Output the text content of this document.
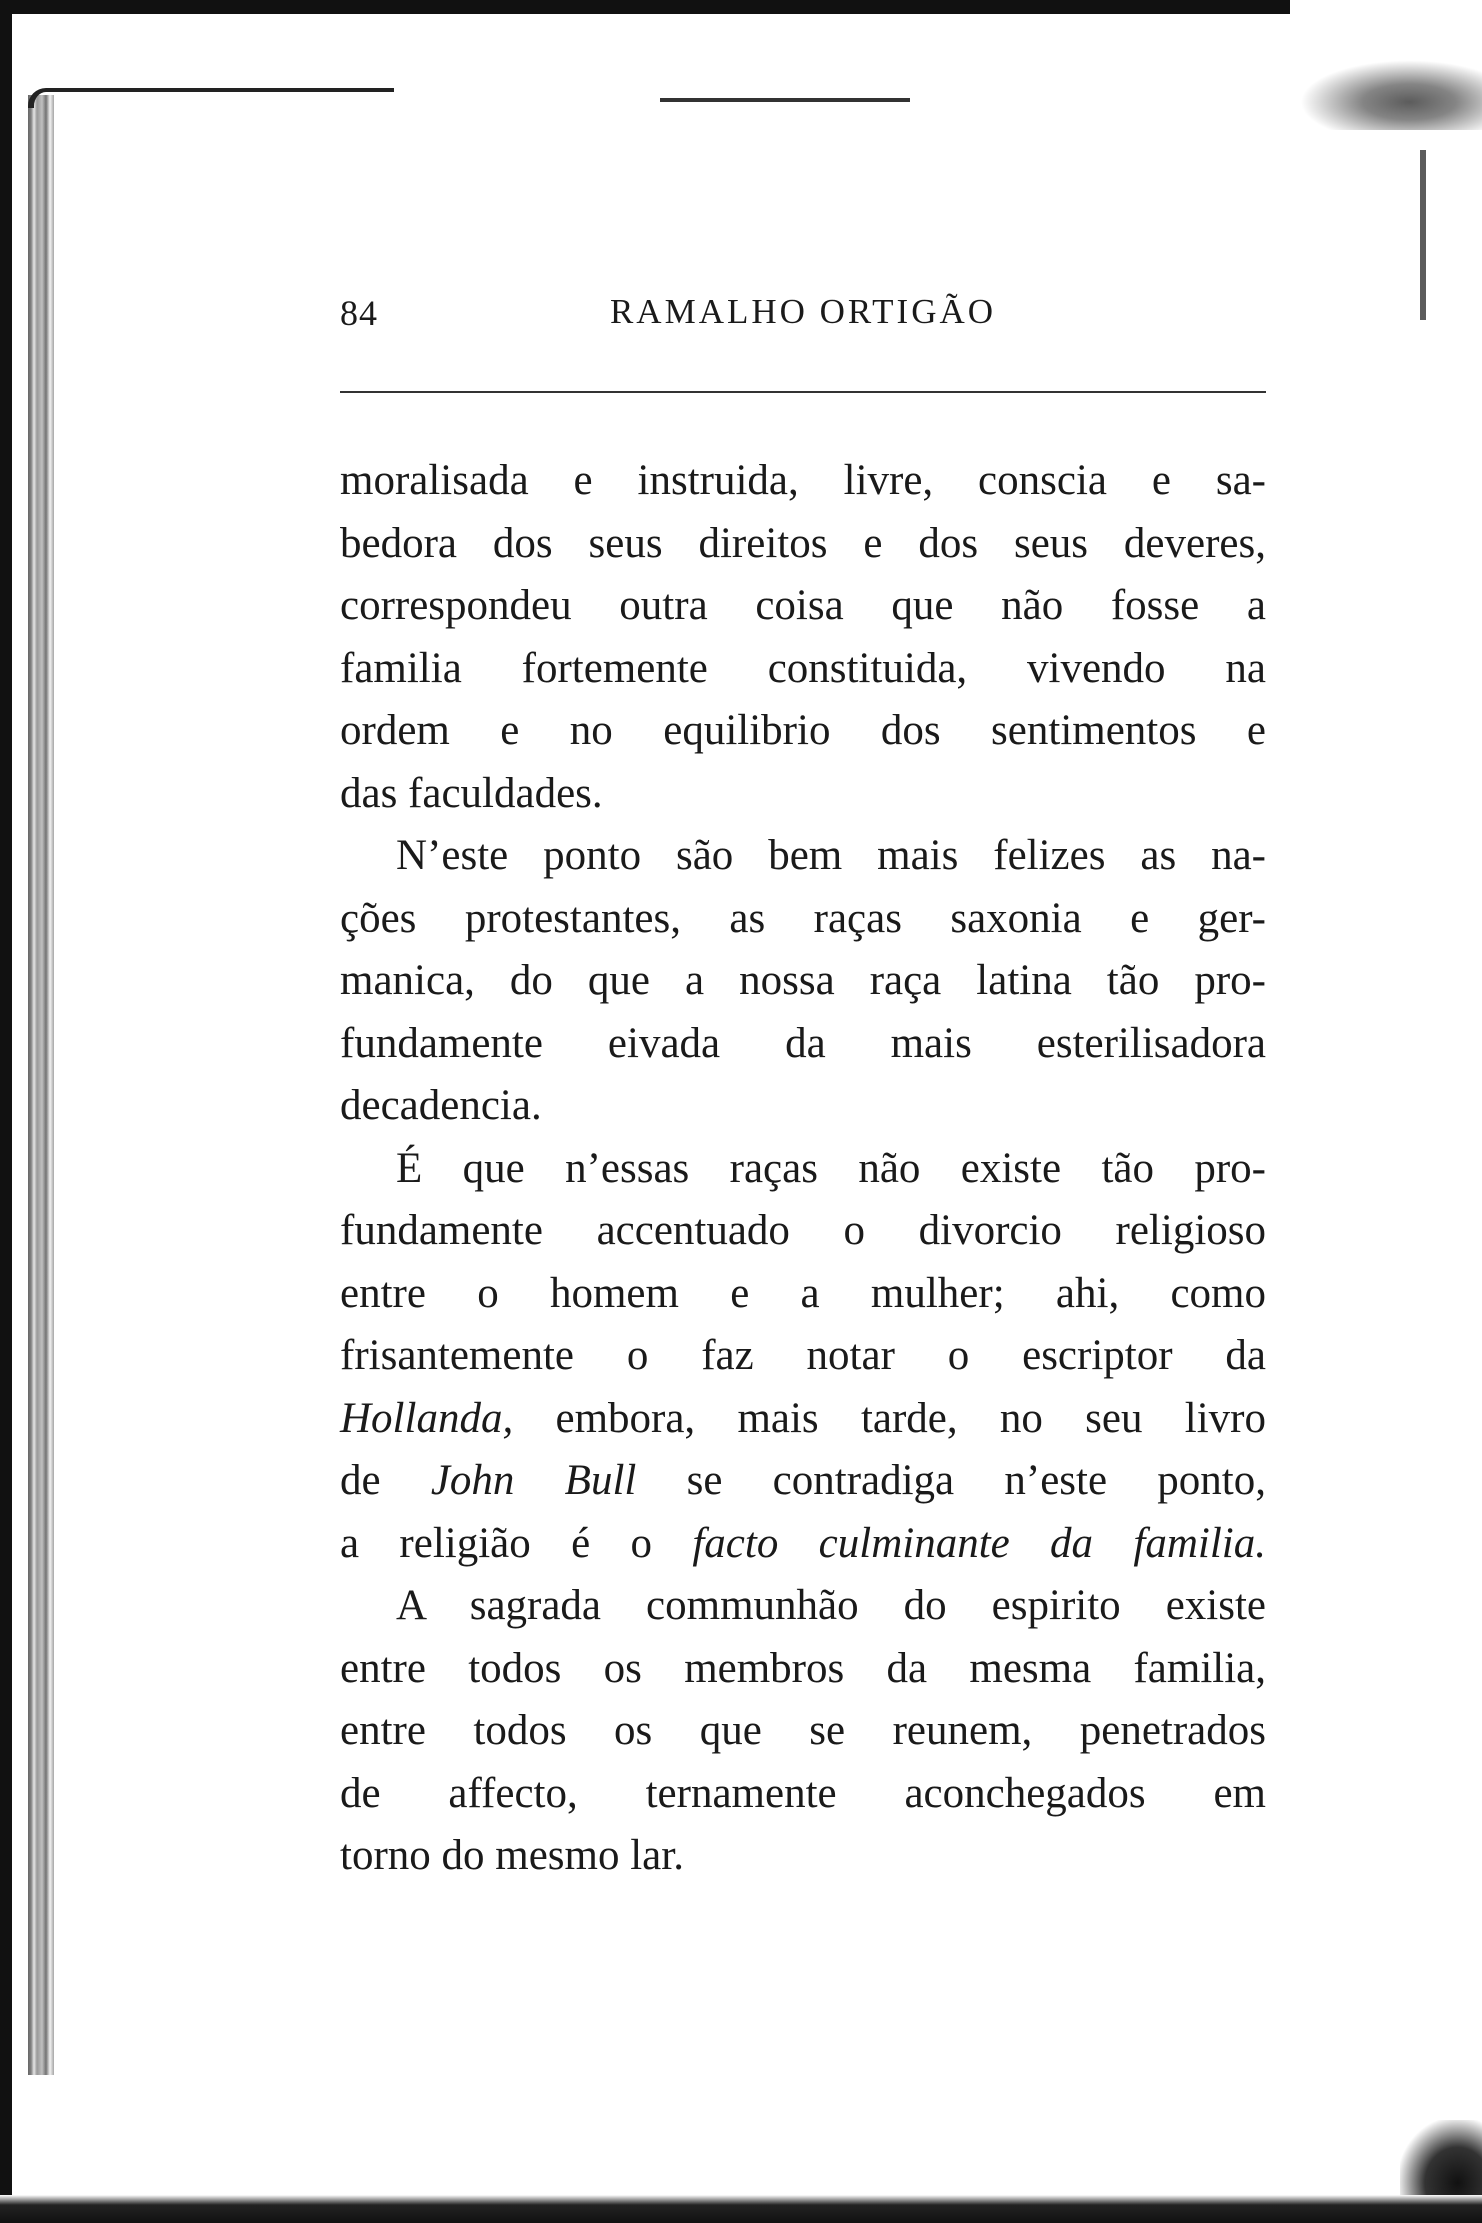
84	RAMALHO ORTIGÃO
moralisada e instruida, livre, conscia e sa-
bedora dos seus direitos e dos seus deveres,
correspondeu outra coisa que não fosse a
familia fortemente constituida, vivendo na
ordem e no equilibrio dos sentimentos e
das faculdades.
N’este ponto são bem mais felizes as na-
ções protestantes, as raças saxonia e ger-
manica, do que a nossa raça latina tão pro-
fundamente eivada da mais esterilisadora
decadencia.
É que n’essas raças não existe tão pro-
fundamente accentuado o divorcio religioso
entre o homem e a mulher; ahi, como
frisantemente o faz notar o escriptor da
Hollanda, embora, mais tarde, no seu livro
de John Bull se contradiga n’este ponto,
a religião é o facto culminante da familia.
A sagrada communhão do espirito existe
entre todos os membros da mesma familia,
entre todos os que se reunem, penetrados
de affecto, ternamente aconchegados em
torno do mesmo lar.
